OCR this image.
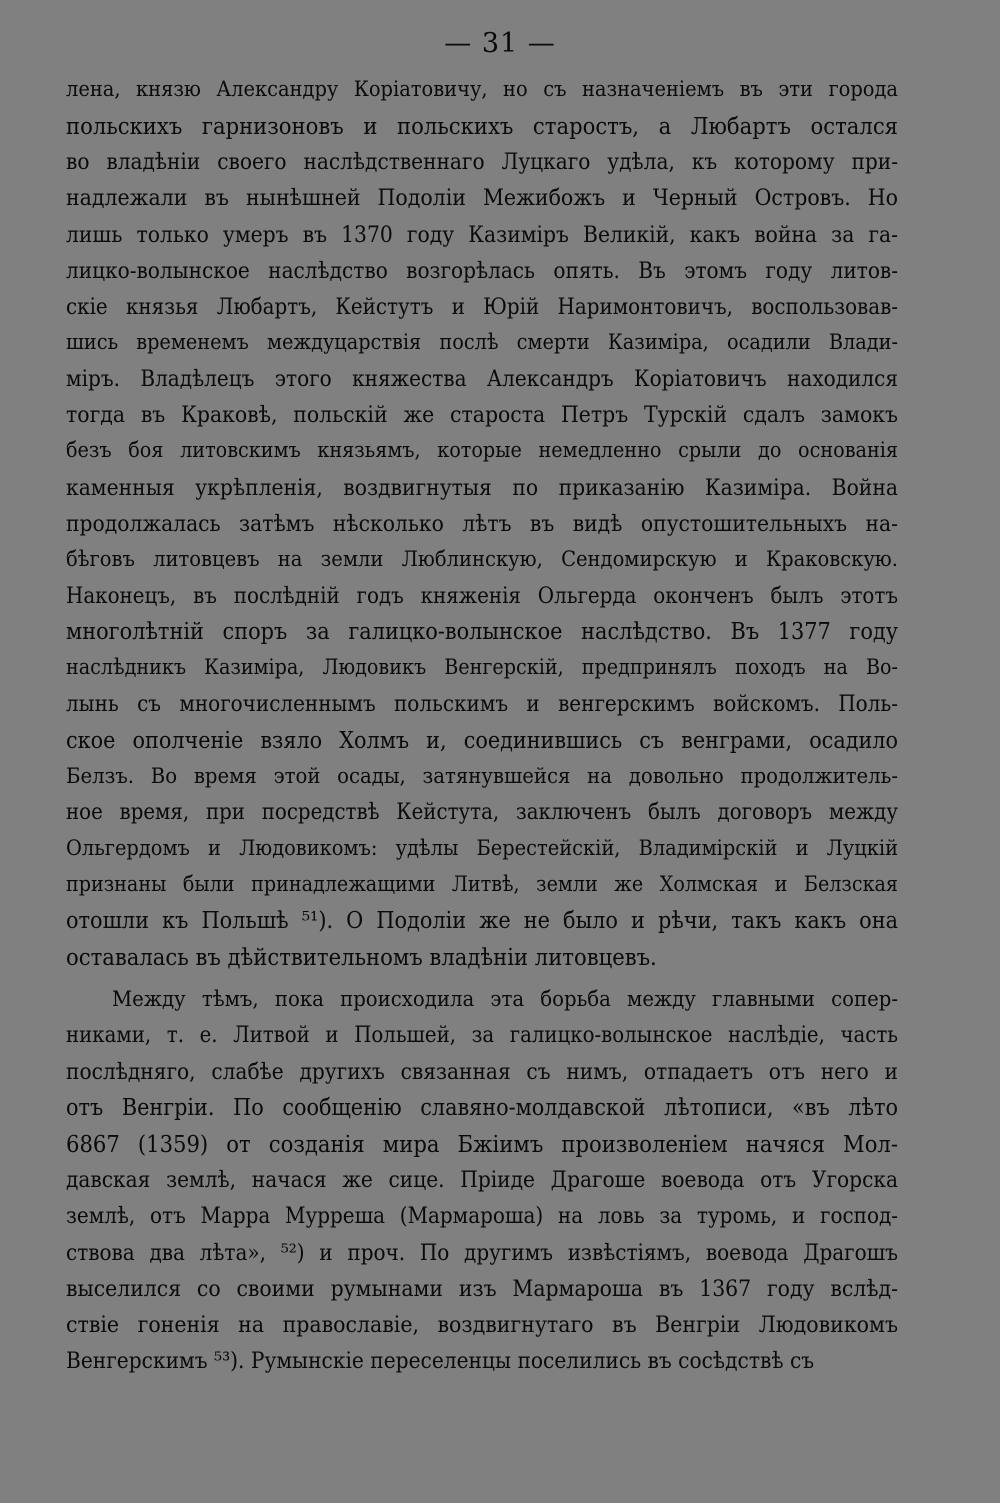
— 31 —
лена, князю Александру Коріатовичу, но съ назначеніемъ въ эти города
польскихъ гарнизоновъ и польскихъ старостъ, а Любартъ остался
во владѣніи своего наслѣдственнаго Луцкаго удѣла, къ которому при-
надлежали въ нынѣшней Подоліи Межибожъ и Черный Островъ. Но
лишь только умеръ въ 1370 году Казиміръ Великій, какъ война за га-
лицко-волынское наслѣдство возгорѣлась опять. Въ этомъ году литов-
скіе князья Любартъ, Кейстутъ и Юрій Наримонтовичъ, воспользовав-
шись временемъ междуцарствія послѣ смерти Казиміра, осадили Влади-
міръ. Владѣлецъ этого княжества Александръ Коріатовичъ находился
тогда въ Краковѣ, польскій же староста Петръ Турскій сдалъ замокъ
безъ боя литовскимъ князьямъ, которые немедленно срыли до основанія
каменныя укрѣпленія, воздвигнутыя по приказанію Казиміра. Война
продолжалась затѣмъ нѣсколько лѣтъ въ видѣ опустошительныхъ на-
бѣговъ литовцевъ на земли Люблинскую, Сендомирскую и Краковскую.
Наконецъ, въ послѣдній годъ княженія Ольгерда оконченъ былъ этотъ
многолѣтній споръ за галицко-волынское наслѣдство. Въ 1377 году
наслѣдникъ Казиміра, Людовикъ Венгерскій, предпринялъ походъ на Во-
лынь съ многочисленнымъ польскимъ и венгерскимъ войскомъ. Поль-
ское ополченіе взяло Холмъ и, соединившись съ венграми, осадило
Белзъ. Во время этой осады, затянувшейся на довольно продолжитель-
ное время, при посредствѣ Кейстута, заключенъ былъ договоръ между
Ольгердомъ и Людовикомъ: удѣлы Берестейскій, Владимірскій и Луцкій
признаны были принадлежащими Литвѣ, земли же Холмская и Белзская
отошли къ Польшѣ ⁵¹). О Подоліи же не было и рѣчи, такъ какъ она
оставалась въ дѣйствительномъ владѣніи литовцевъ.
Между тѣмъ, пока происходила эта борьба между главными сопер-
никами, т. е. Литвой и Польшей, за галицко-волынское наслѣдіе, часть
послѣдняго, слабѣе другихъ связанная съ нимъ, отпадаетъ отъ него и
отъ Венгріи. По сообщенію славяно-молдавской лѣтописи, «въ лѣто
6867 (1359) от созданія мира Бжіимъ произволеніем начяся Мол-
давская землѣ, начася же сице. Пріиде Драгоше воевода отъ Угорска
землѣ, отъ Марра Мурреша (Мармароша) на ловь за туромь, и господ-
ствова два лѣта», ⁵²) и проч. По другимъ извѣстіямъ, воевода Драгошъ
выселился со своими румынами изъ Мармароша въ 1367 году вслѣд-
ствіе гоненія на православіе, воздвигнутаго въ Венгріи Людовикомъ
Венгерскимъ ⁵³). Румынскіе переселенцы поселились въ сосѣдствѣ съ
